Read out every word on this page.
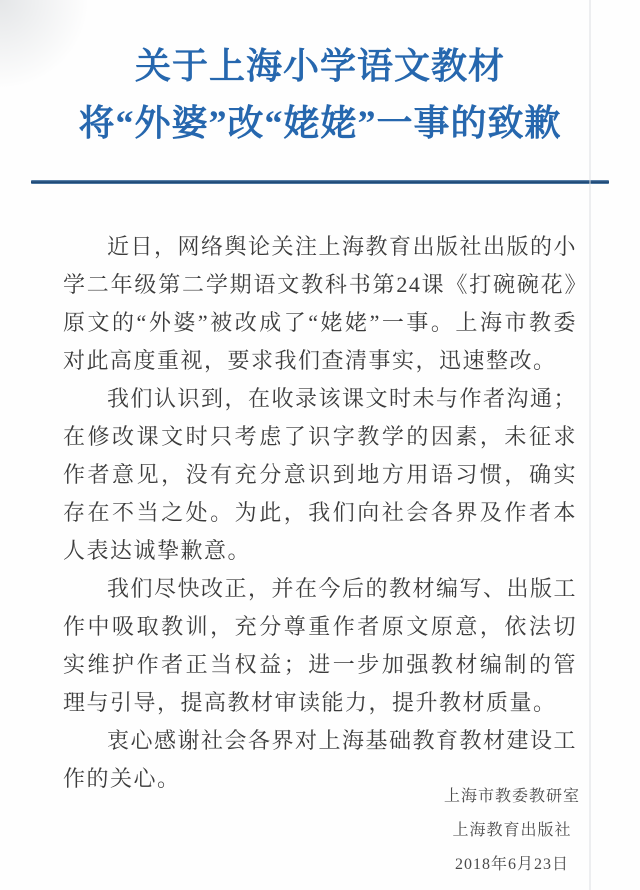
关于上海小学语文教材
将“外婆”改“姥姥”一事的致歉

近日，网络舆论关注上海教育出版社出版的小学二年级第二学期语文教科书第24课《打碗碗花》原文的“外婆”被改成了“姥姥”一事。上海市教委对此高度重视，要求我们查清事实，迅速整改。

我们认识到，在收录该课文时未与作者沟通；在修改课文时只考虑了识字教学的因素，未征求作者意见，没有充分意识到地方用语习惯，确实存在不当之处。为此，我们向社会各界及作者本人表达诚挚歉意。

我们尽快改正，并在今后的教材编写、出版工作中吸取教训，充分尊重作者原文原意，依法切实维护作者正当权益；进一步加强教材编制的管理与引导，提高教材审读能力，提升教材质量。

衷心感谢社会各界对上海基础教育教材建设工作的关心。

上海市教委教研室
上海教育出版社
2018年6月23日
